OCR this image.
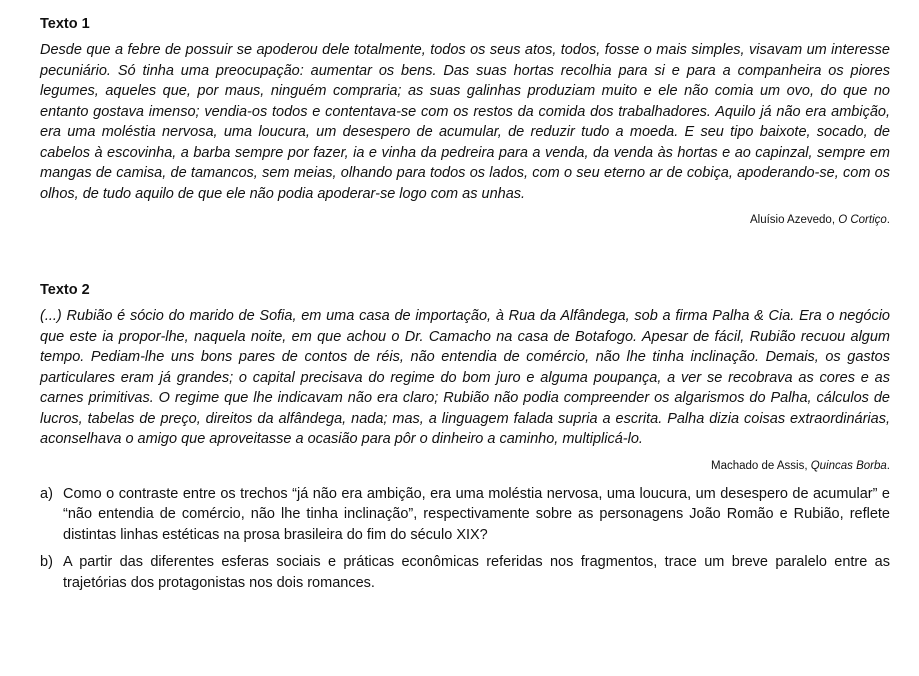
Texto 1

Desde que a febre de possuir se apoderou dele totalmente, todos os seus atos, todos, fosse o mais simples, visavam um interesse pecuniário. Só tinha uma preocupação: aumentar os bens. Das suas hortas recolhia para si e para a companheira os piores legumes, aqueles que, por maus, ninguém compraria; as suas galinhas produziam muito e ele não comia um ovo, do que no entanto gostava imenso; vendia-os todos e contentava-se com os restos da comida dos trabalhadores. Aquilo já não era ambição, era uma moléstia nervosa, uma loucura, um desespero de acumular, de reduzir tudo a moeda. E seu tipo baixote, socado, de cabelos à escovinha, a barba sempre por fazer, ia e vinha da pedreira para a venda, da venda às hortas e ao capinzal, sempre em mangas de camisa, de tamancos, sem meias, olhando para todos os lados, com o seu eterno ar de cobiça, apoderando-se, com os olhos, de tudo aquilo de que ele não podia apoderar-se logo com as unhas.

Aluísio Azevedo, O Cortiço.
Texto 2

(...) Rubião é sócio do marido de Sofia, em uma casa de importação, à Rua da Alfândega, sob a firma Palha & Cia. Era o negócio que este ia propor-lhe, naquela noite, em que achou o Dr. Camacho na casa de Botafogo. Apesar de fácil, Rubião recuou algum tempo. Pediam-lhe uns bons pares de contos de réis, não entendia de comércio, não lhe tinha inclinação. Demais, os gastos particulares eram já grandes; o capital precisava do regime do bom juro e alguma poupança, a ver se recobrava as cores e as carnes primitivas. O regime que lhe indicavam não era claro; Rubião não podia compreender os algarismos do Palha, cálculos de lucros, tabelas de preço, direitos da alfândega, nada; mas, a linguagem falada supria a escrita. Palha dizia coisas extraordinárias, aconselhava o amigo que aproveitasse a ocasião para pôr o dinheiro a caminho, multiplicá-lo.

Machado de Assis, Quincas Borba.
a) Como o contraste entre os trechos “já não era ambição, era uma moléstia nervosa, uma loucura, um desespero de acumular” e “não entendia de comércio, não lhe tinha inclinação”, respectivamente sobre as personagens João Romão e Rubião, reflete distintas linhas estéticas na prosa brasileira do fim do século XIX?
b) A partir das diferentes esferas sociais e práticas econômicas referidas nos fragmentos, trace um breve paralelo entre as trajetórias dos protagonistas nos dois romances.
